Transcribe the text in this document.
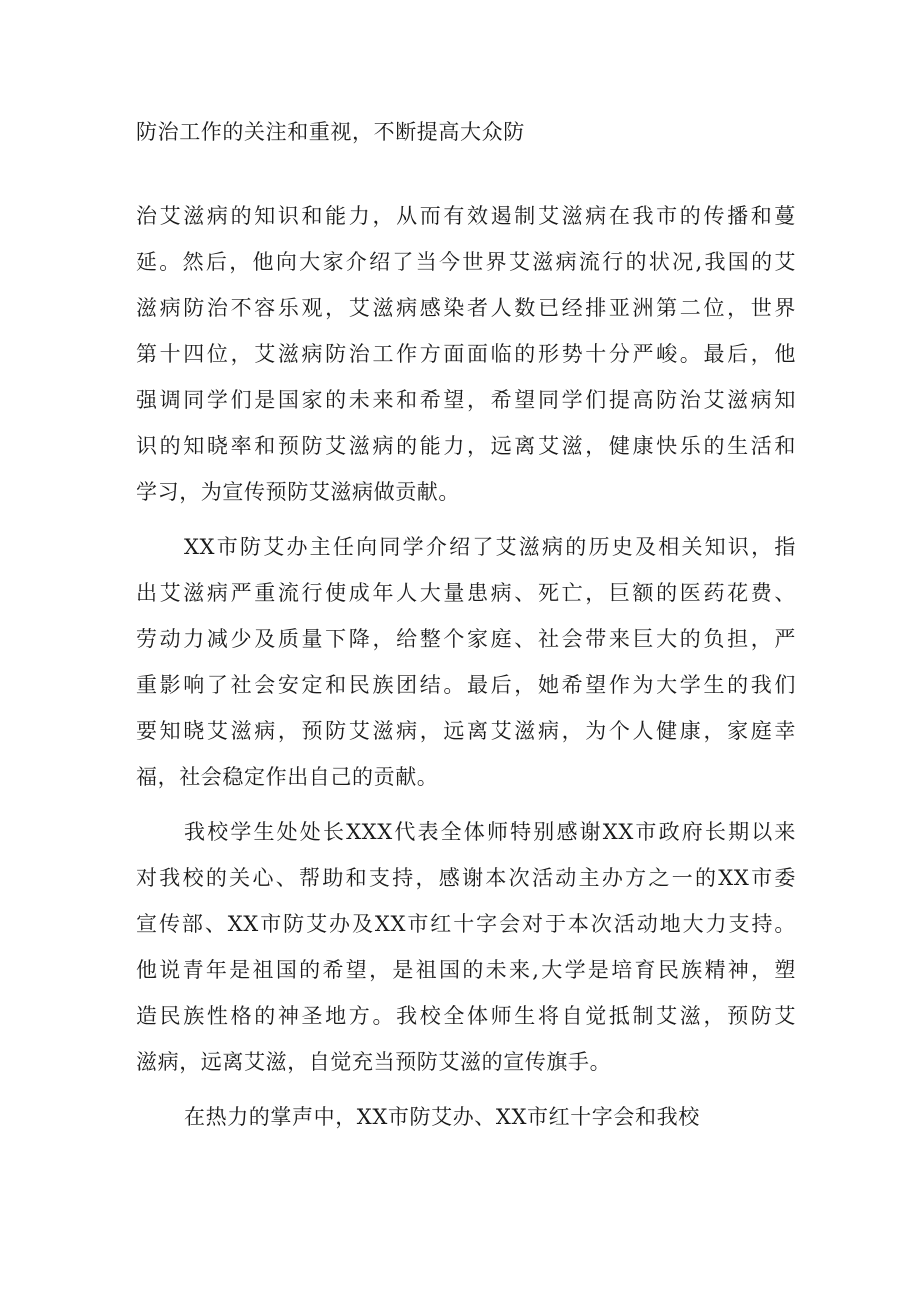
防治工作的关注和重视，不断提高大众防
治艾滋病的知识和能力，从而有效遏制艾滋病在我市的传播和蔓
延。然后，他向大家介绍了当今世界艾滋病流行的状况,我国的艾
滋病防治不容乐观，艾滋病感染者人数已经排亚洲第二位，世界
第十四位，艾滋病防治工作方面面临的形势十分严峻。最后，他
强调同学们是国家的未来和希望，希望同学们提高防治艾滋病知
识的知晓率和预防艾滋病的能力，远离艾滋，健康快乐的生活和
学习，为宣传预防艾滋病做贡献。
XX市防艾办主任向同学介绍了艾滋病的历史及相关知识，指
出艾滋病严重流行使成年人大量患病、死亡，巨额的医药花费、
劳动力减少及质量下降，给整个家庭、社会带来巨大的负担，严
重影响了社会安定和民族团结。最后，她希望作为大学生的我们
要知晓艾滋病，预防艾滋病，远离艾滋病，为个人健康，家庭幸
福，社会稳定作出自己的贡献。
我校学生处处长XXX代表全体师特别感谢XX市政府长期以来
对我校的关心、帮助和支持，感谢本次活动主办方之一的XX市委
宣传部、XX市防艾办及XX市红十字会对于本次活动地大力支持。
他说青年是祖国的希望，是祖国的未来,大学是培育民族精神，塑
造民族性格的神圣地方。我校全体师生将自觉抵制艾滋，预防艾
滋病，远离艾滋，自觉充当预防艾滋的宣传旗手。
在热力的掌声中，XX市防艾办、XX市红十字会和我校
